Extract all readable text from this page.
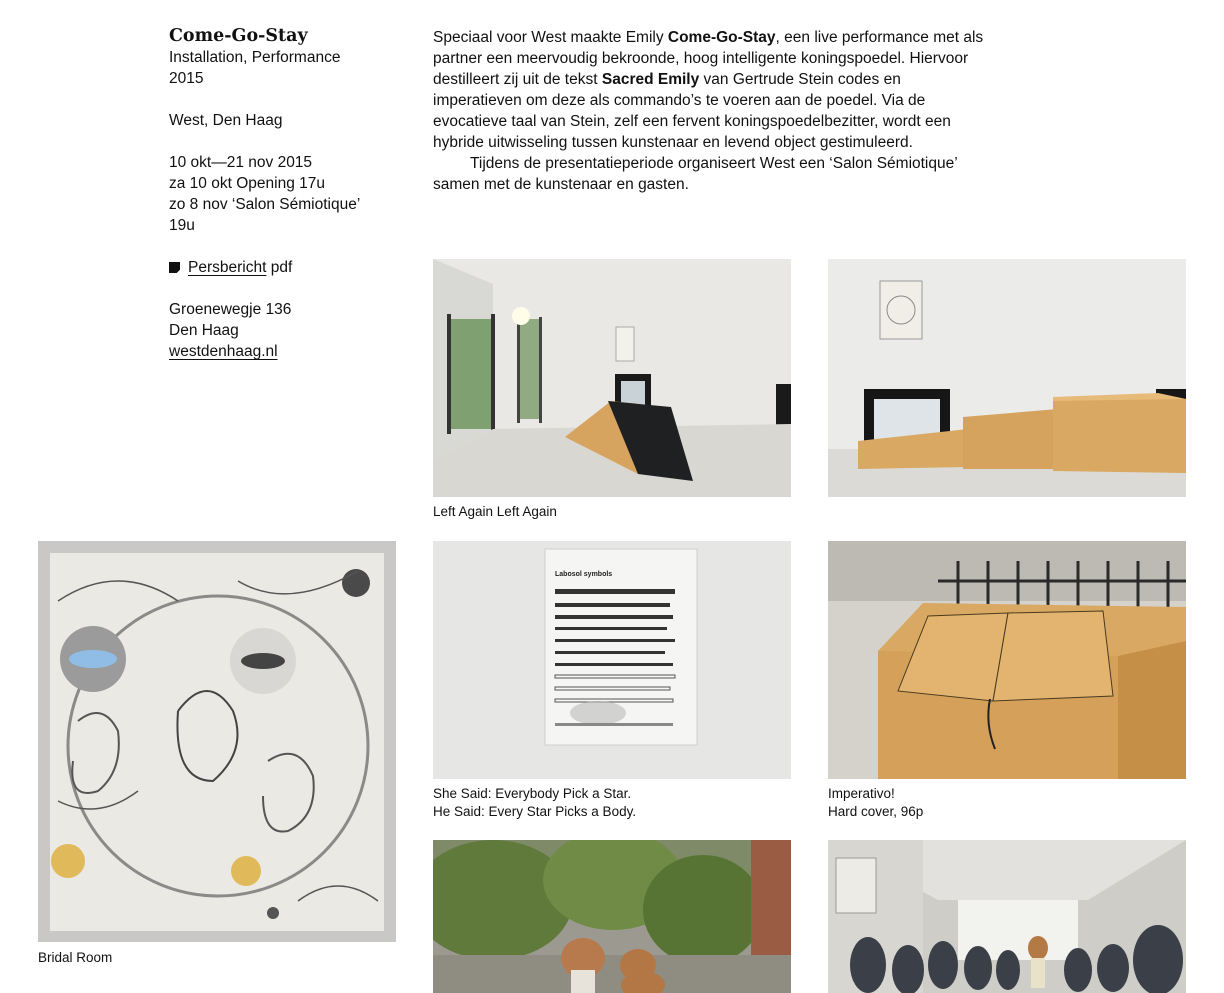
Come-Go-Stay
Installation, Performance
2015
West, Den Haag
10 okt—21 nov 2015
za 10 okt Opening 17u
zo 8 nov ‘Salon Sémiotique’
19u
Persbericht pdf
Groenewegje 136
Den Haag
westdenhaag.nl
Speciaal voor West maakte Emily Come-Go-Stay, een live performance met als partner een meervoudig bekroonde, hoog intelligente koningspoedel. Hiervoor destilleert zij uit de tekst Sacred Emily van Gertrude Stein codes en imperatieven om deze als commando’s te voeren aan de poedel. Via de evocatieve taal van Stein, zelf een fervent koningspoedelbezitter, wordt een hybride uitwisseling tussen kunstenaar en levend object gestimuleerd.
Tijdens de presentatieperiode organiseert West een ‘Salon Sémiotique’ samen met de kunstenaar en gasten.
Left Again Left Again
Bridal Room
Labosol symbols
She Said: Everybody Pick a Star.
He Said: Every Star Picks a Body.
Imperativo!
Hard cover, 96p
